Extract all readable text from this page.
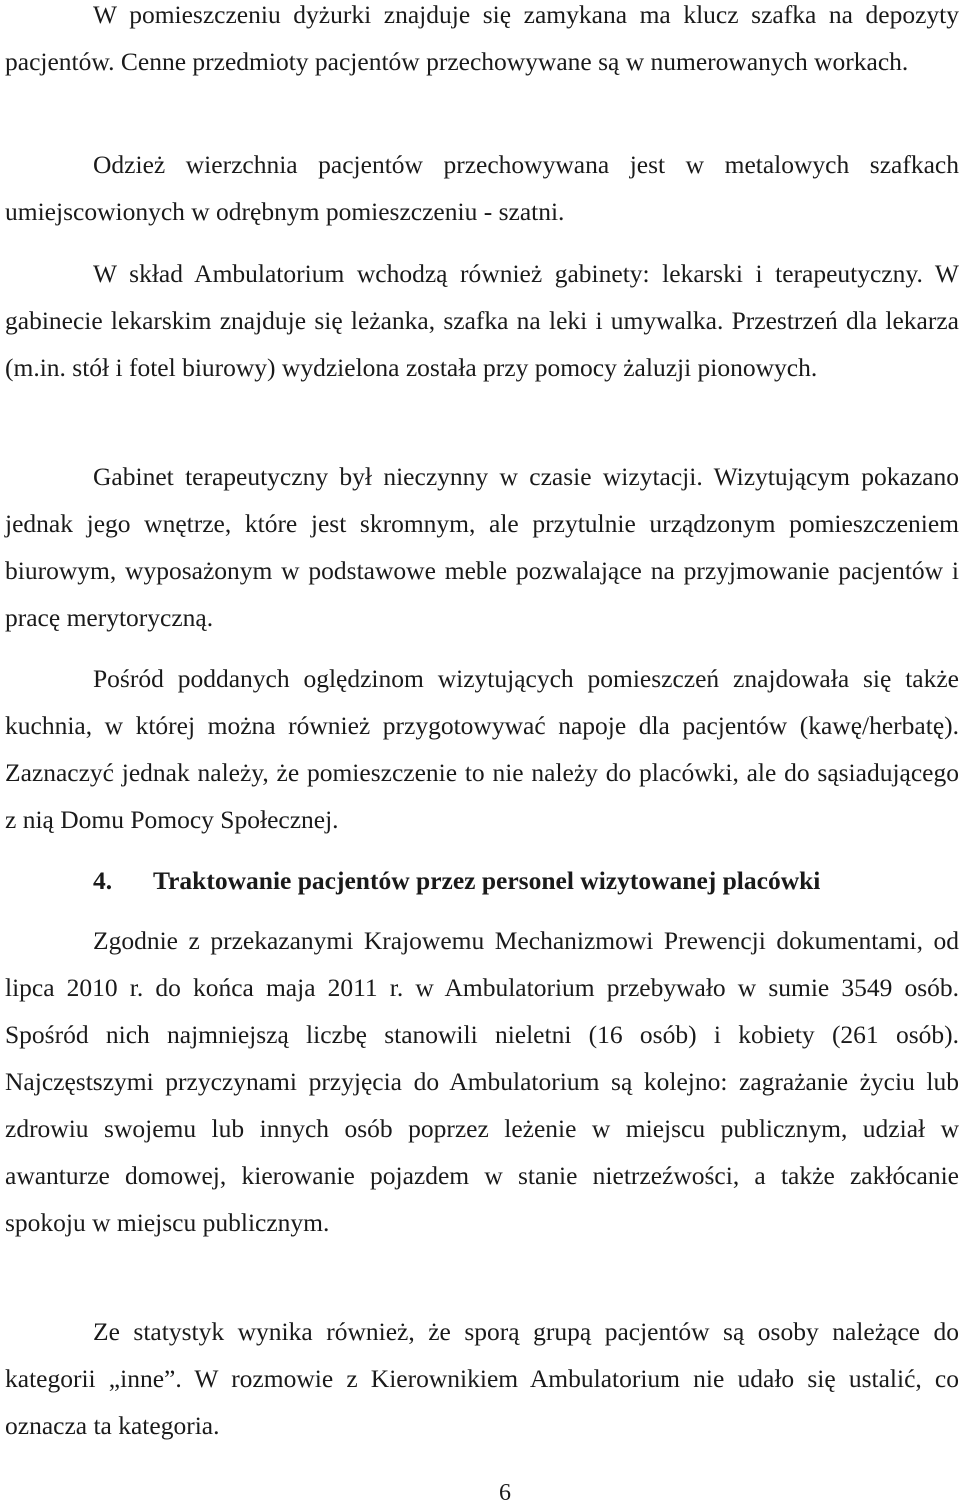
W pomieszczeniu dyżurki znajduje się zamykana ma klucz szafka na depozyty pacjentów. Cenne przedmioty pacjentów przechowywane są w numerowanych workach.

Odzież wierzchnia pacjentów przechowywana jest w metalowych szafkach umiejscowionych w odrębnym pomieszczeniu - szatni.

W skład Ambulatorium wchodzą również gabinety: lekarski i terapeutyczny. W gabinecie lekarskim znajduje się leżanka, szafka na leki i umywalka. Przestrzeń dla lekarza (m.in. stół i fotel biurowy) wydzielona została przy pomocy żaluzji pionowych.

Gabinet terapeutyczny był nieczynny w czasie wizytacji. Wizytującym pokazano jednak jego wnętrze, które jest skromnym, ale przytulnie urządzonym pomieszczeniem biurowym, wyposażonym w podstawowe meble pozwalające na przyjmowanie pacjentów i pracę merytoryczną.

Pośród poddanych oględzinom wizytujących pomieszczeń znajdowała się także kuchnia, w której można również przygotowywać napoje dla pacjentów (kawę/herbatę). Zaznaczyć jednak należy, że pomieszczenie to nie należy do placówki, ale do sąsiadującego z nią Domu Pomocy Społecznej.

4. Traktowanie pacjentów przez personel wizytowanej placówki

Zgodnie z przekazanymi Krajowemu Mechanizmowi Prewencji dokumentami, od lipca 2010 r. do końca maja 2011 r. w Ambulatorium przebywało w sumie 3549 osób. Spośród nich najmniejszą liczbę stanowili nieletni (16 osób) i kobiety (261 osób). Najczęstszymi przyczynami przyjęcia do Ambulatorium są kolejno: zagrażanie życiu lub zdrowiu swojemu lub innych osób poprzez leżenie w miejscu publicznym, udział w awanturze domowej, kierowanie pojazdem w stanie nietrzeźwości, a także zakłócanie spokoju w miejscu publicznym.

Ze statystyk wynika również, że sporą grupą pacjentów są osoby należące do kategorii „inne”. W rozmowie z Kierownikiem Ambulatorium nie udało się ustalić, co oznacza ta kategoria.

6
